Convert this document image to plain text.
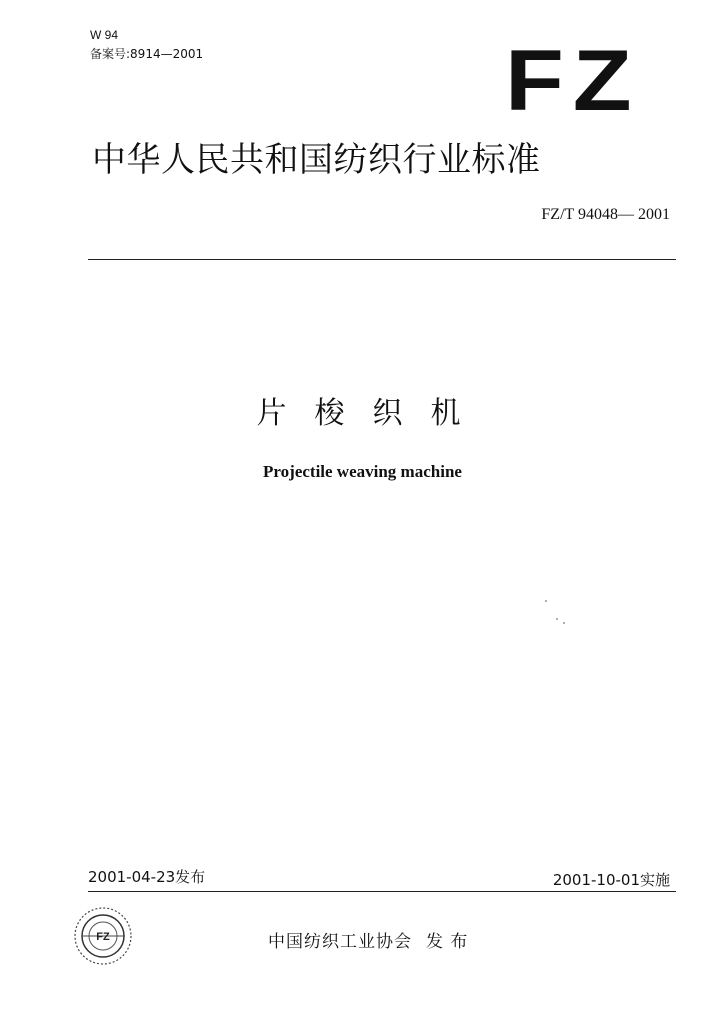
W 94
备案号:8914—2001	FZ
中华人民共和国纺织行业标准
FZ/T 94048— 2001
片梭织机
Projectile weaving machine
2001-04-23发布	2001-10-01实施
FZ	中国纺织工业协会 发 布
